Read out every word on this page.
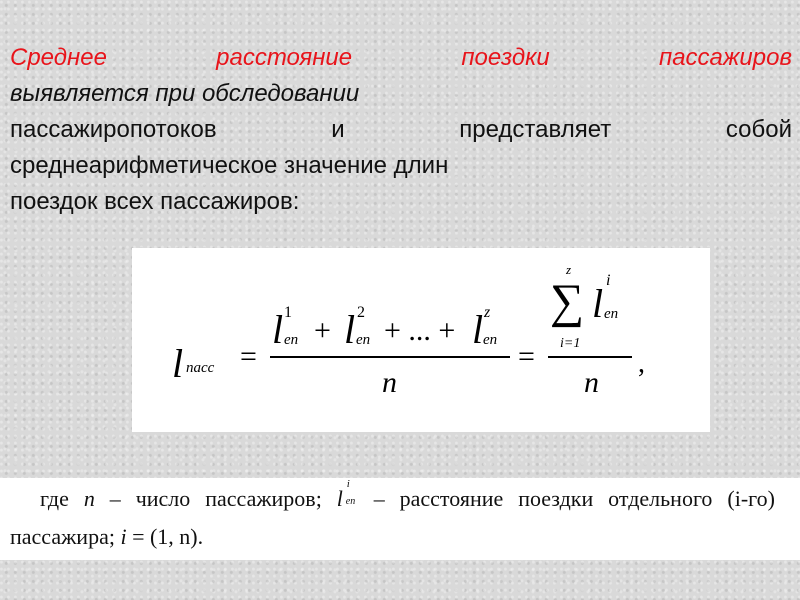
Среднее	расстояние	поездки	пассажиров
выявляется при обследовании
пассажиропотоков	и	представляет	собой
среднеарифметическое значение длин
поездок всех пассажиров:
l пасс =
l 1
en + l 2
en + ... + l z
en
n
=
z
∑
i=1
l
i
en
n
,
где n – число пассажиров; l
i
en – расстояние поездки отдельного (i-го)
пассажира; i = (1, n).
